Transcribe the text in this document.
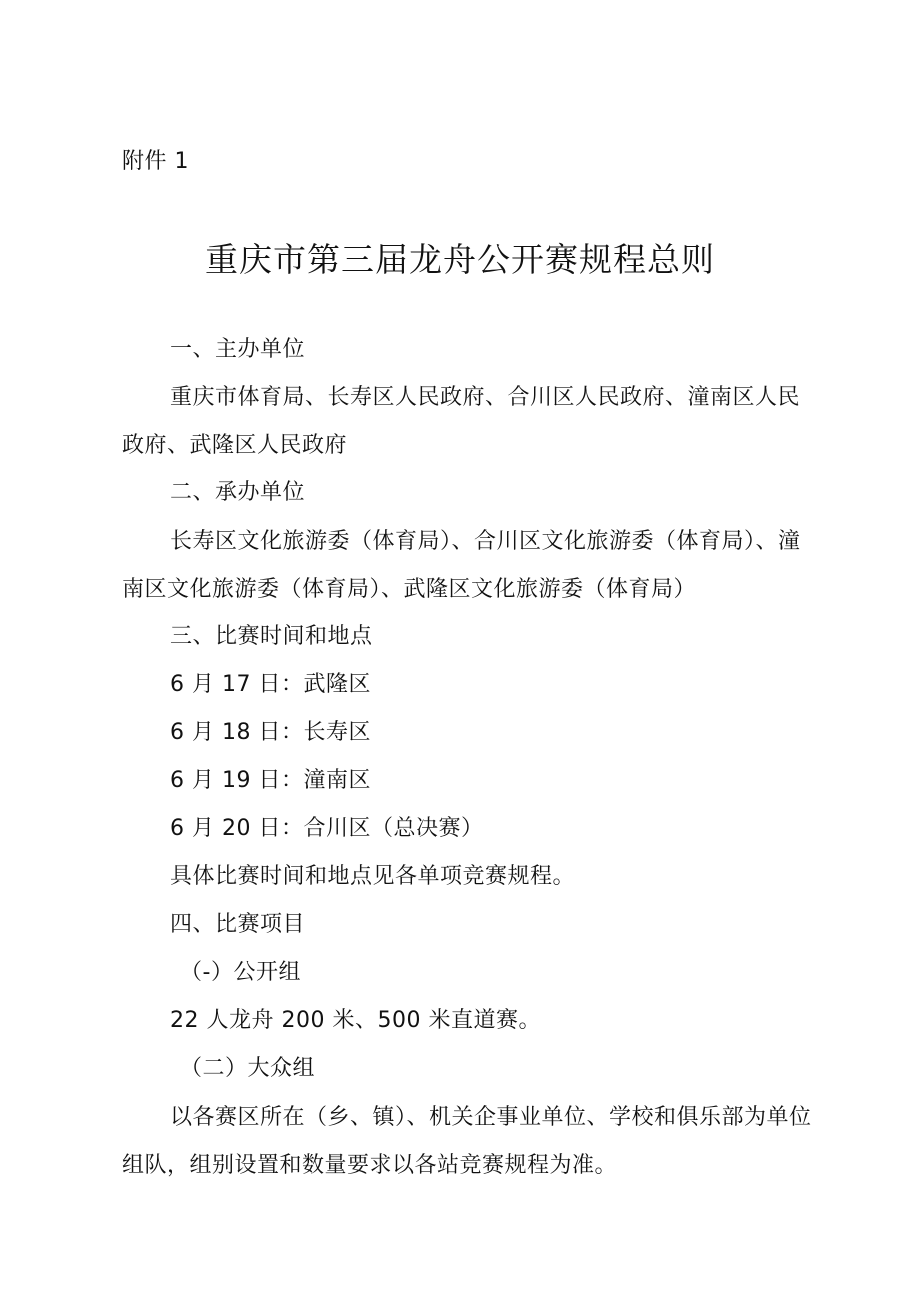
附件 1
重庆市第三届龙舟公开赛规程总则
一、主办单位
重庆市体育局、长寿区人民政府、合川区人民政府、潼南区人民政府、武隆区人民政府
二、承办单位
长寿区文化旅游委（体育局）、合川区文化旅游委（体育局）、潼南区文化旅游委（体育局）、武隆区文化旅游委（体育局）
三、比赛时间和地点
6 月 17 日：武隆区
6 月 18 日：长寿区
6 月 19 日：潼南区
6 月 20 日：合川区（总决赛）
具体比赛时间和地点见各单项竞赛规程。
四、比赛项目
（-）公开组
22 人龙舟 200 米、500 米直道赛。
（二）大众组
以各赛区所在（乡、镇）、机关企事业单位、学校和俱乐部为单位组队，组别设置和数量要求以各站竞赛规程为准。
